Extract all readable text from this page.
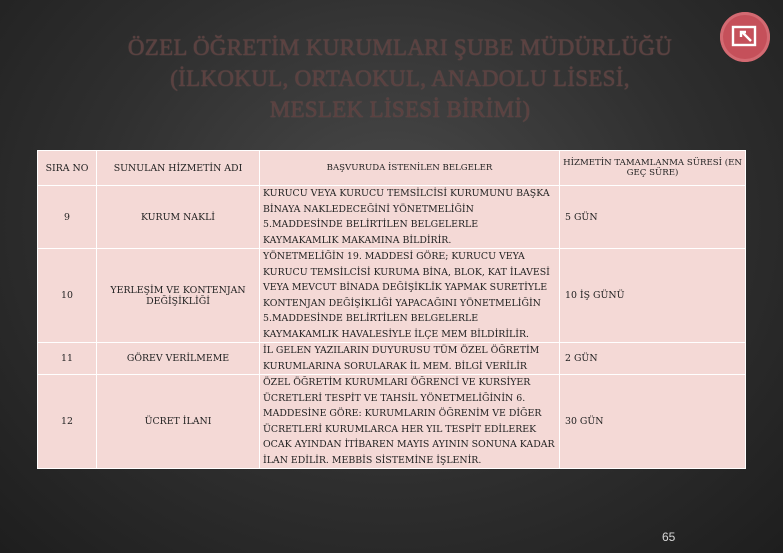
ÖZEL ÖĞRETİM KURUMLARI ŞUBE MÜDÜRLÜĞÜ
(İLKOKUL, ORTAOKUL, ANADOLU LİSESİ,
MESLEK LİSESİ BİRİMİ)
SIRA NO	SUNULAN HİZMETİN ADI	BAŞVURUDA İSTENİLEN BELGELER	HİZMETİN TAMAMLANMA SÜRESİ (EN GEÇ SÜRE)
9	KURUM NAKLİ	KURUCU VEYA KURUCU TEMSİLCİSİ KURUMUNU BAŞKA BİNAYA NAKLEDECEĞİNİ YÖNETMELİĞİN 5.MADDESİNDE BELİRTİLEN BELGELERLE KAYMAKAMLIK MAKAMINA BİLDİRİR.	5 GÜN
10	YERLEŞİM VE KONTENJAN DEĞİŞİKLİĞİ	YÖNETMELİĞİN 19. MADDESİ GÖRE; KURUCU VEYA KURUCU TEMSİLCİSİ KURUMA BİNA, BLOK, KAT İLAVESİ VEYA MEVCUT BİNADA DEĞİŞİKLİK YAPMAK SURETİYLE KONTENJAN DEĞİŞİKLİĞİ YAPACAĞINI YÖNETMELİĞİN 5.MADDESİNDE BELİRTİLEN BELGELERLE KAYMAKAMLIK HAVALESİYLE İLÇE MEM BİLDİRİLİR.	10 İŞ GÜNÜ
11	GÖREV VERİLMEME	İL GELEN YAZILARIN DUYURUSU TÜM ÖZEL ÖĞRETİM KURUMLARINA SORULARAK İL MEM. BİLGİ VERİLİR	2 GÜN
12	ÜCRET İLANI	ÖZEL ÖĞRETİM KURUMLARI ÖĞRENCİ VE KURSİYER ÜCRETLERİ TESPİT VE TAHSİL YÖNETMELİĞİNİN 6. MADDESİNE GÖRE: KURUMLARIN ÖĞRENİM VE DİĞER ÜCRETLERİ KURUMLARCA HER YIL TESPİT EDİLEREK OCAK AYINDAN İTİBAREN MAYIS AYININ SONUNA KADAR İLAN EDİLİR. MEBBİS SİSTEMİNE İŞLENİR.	30 GÜN
65
